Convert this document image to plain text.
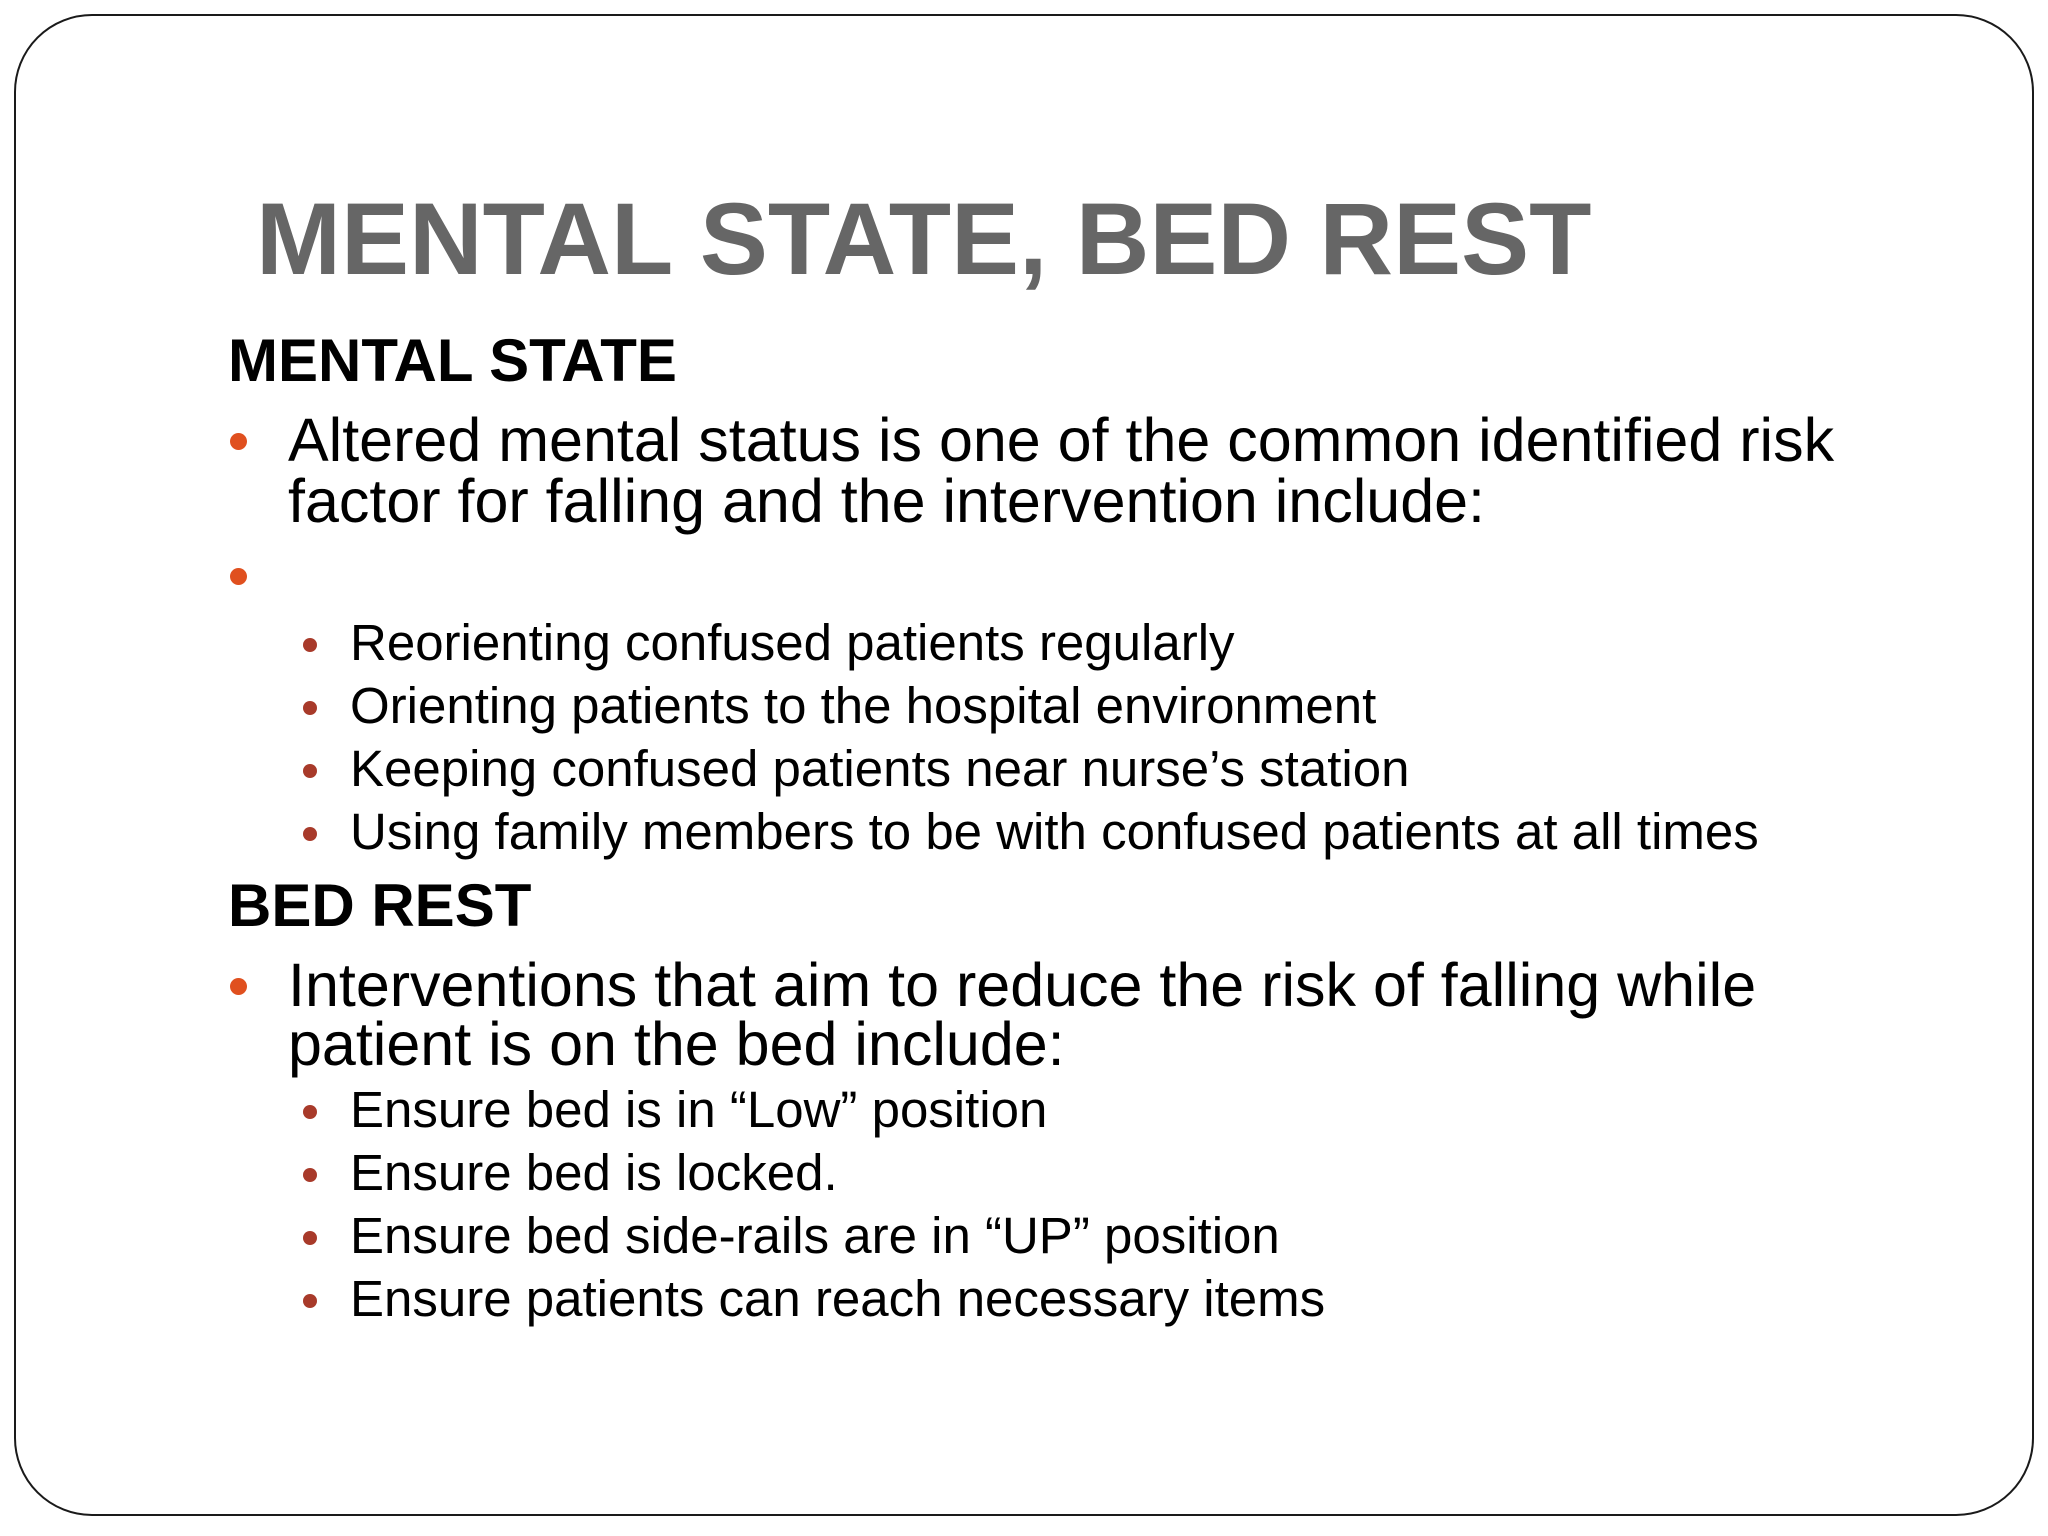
MENTAL STATE, BED REST
MENTAL STATE
Altered mental status is one of the common identified risk
factor for falling and the intervention include:
Reorienting confused patients regularly
Orienting patients to the hospital environment
Keeping confused patients near nurse’s station
Using family members to be with confused patients at all times
BED REST
Interventions that aim to reduce the risk of falling while
patient is on the bed include:
Ensure bed is in “Low” position
Ensure bed is locked.
Ensure bed side-rails are in “UP” position
Ensure patients can reach necessary items
